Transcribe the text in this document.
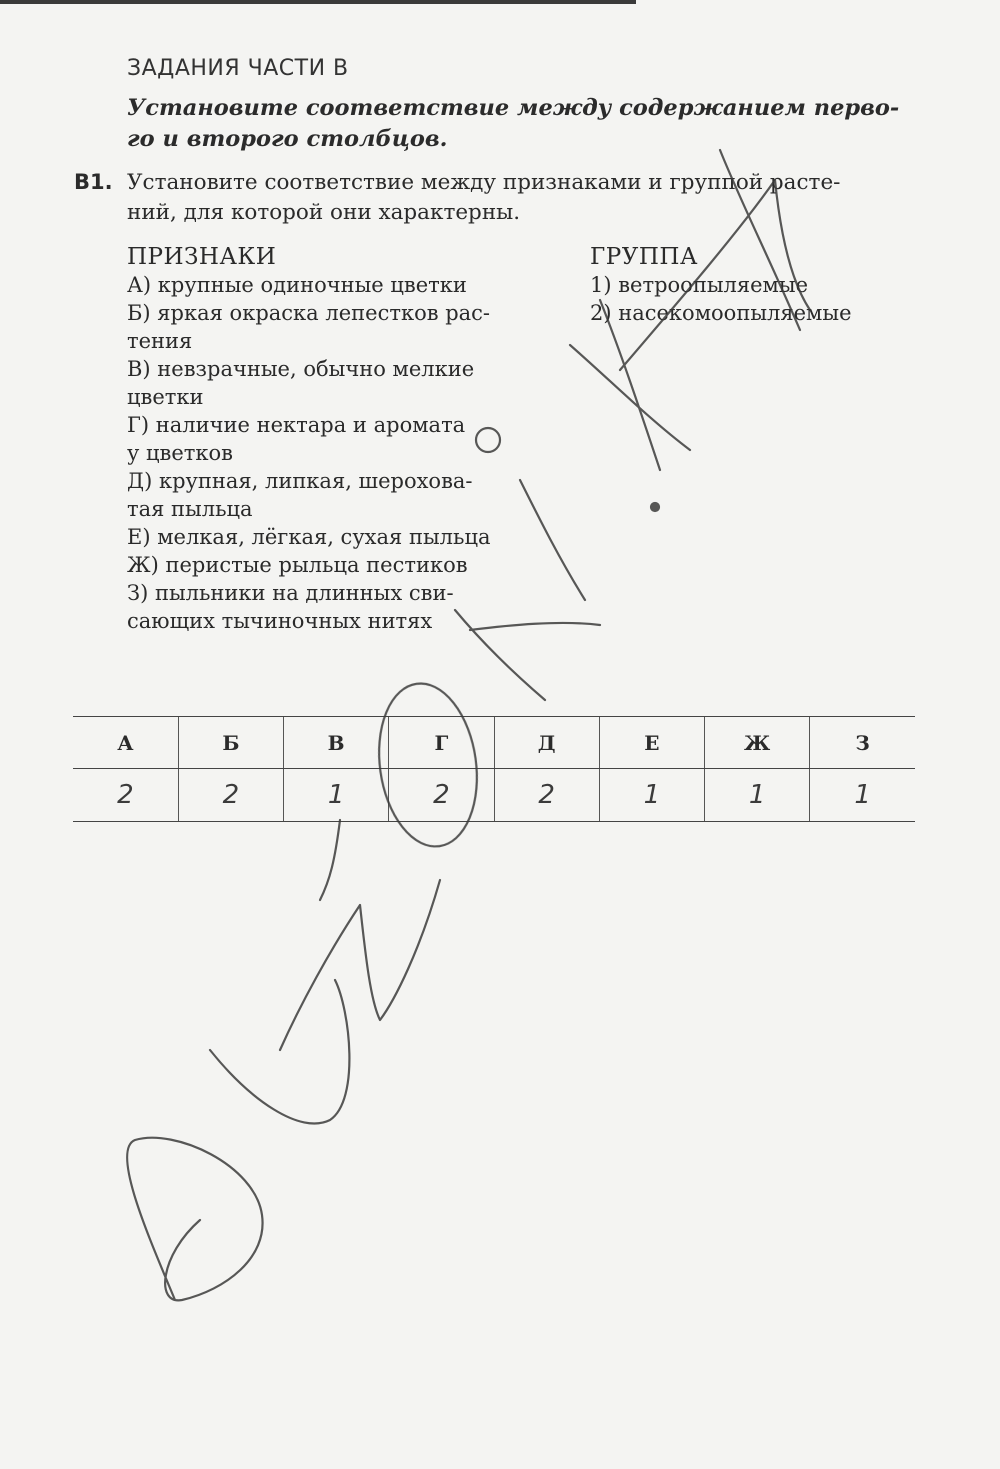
ЗАДАНИЯ ЧАСТИ В
Установите соответствие между содержанием перво-
го и второго столбцов.
B1. Установите соответствие между признаками и группой расте-
ний, для которой они характерны.
ПРИЗНАКИ
А) крупные одиночные цветки
Б) яркая окраска лепестков рас-
тения
В) невзрачные, обычно мелкие
цветки
Г) наличие нектара и аромата
у цветков
Д) крупная, липкая, шерохова-
тая пыльца
Е) мелкая, лёгкая, сухая пыльца
Ж) перистые рыльца пестиков
З) пыльники на длинных сви-
сающих тычиночных нитях
ГРУППА
1) ветроопыляемые
2) насекомоопыляемые
А	Б	В	Г	Д	Е	Ж	З
2	2	1	2	2	1	1	1
